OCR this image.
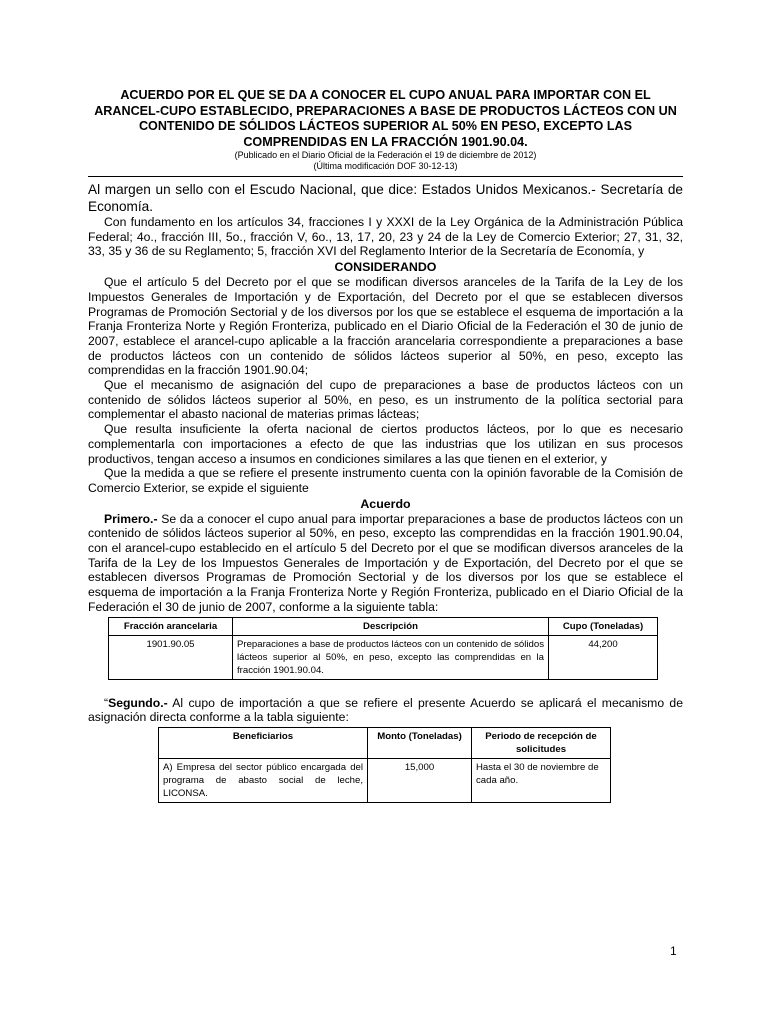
ACUERDO POR EL QUE SE DA A CONOCER EL CUPO ANUAL PARA IMPORTAR CON EL ARANCEL-CUPO ESTABLECIDO, PREPARACIONES A BASE DE PRODUCTOS LÁCTEOS CON UN CONTENIDO DE SÓLIDOS LÁCTEOS SUPERIOR AL 50% EN PESO, EXCEPTO LAS COMPRENDIDAS EN LA FRACCIÓN 1901.90.04.
(Publicado en el Diario Oficial de la Federación el 19 de diciembre de 2012)
(Última modificación DOF 30-12-13)

Al margen un sello con el Escudo Nacional, que dice: Estados Unidos Mexicanos.- Secretaría de Economía.

Con fundamento en los artículos 34, fracciones I y XXXI de la Ley Orgánica de la Administración Pública Federal; 4o., fracción III, 5o., fracción V, 6o., 13, 17, 20, 23 y 24 de la Ley de Comercio Exterior; 27, 31, 32, 33, 35 y 36 de su Reglamento; 5, fracción XVI del Reglamento Interior de la Secretaría de Economía, y

CONSIDERANDO

Que el artículo 5 del Decreto por el que se modifican diversos aranceles de la Tarifa de la Ley de los Impuestos Generales de Importación y de Exportación, del Decreto por el que se establecen diversos Programas de Promoción Sectorial y de los diversos por los que se establece el esquema de importación a la Franja Fronteriza Norte y Región Fronteriza, publicado en el Diario Oficial de la Federación el 30 de junio de 2007, establece el arancel-cupo aplicable a la fracción arancelaria correspondiente a preparaciones a base de productos lácteos con un contenido de sólidos lácteos superior al 50%, en peso, excepto las comprendidas en la fracción 1901.90.04;

Que el mecanismo de asignación del cupo de preparaciones a base de productos lácteos con un contenido de sólidos lácteos superior al 50%, en peso, es un instrumento de la política sectorial para complementar el abasto nacional de materias primas lácteas;

Que resulta insuficiente la oferta nacional de ciertos productos lácteos, por lo que es necesario complementarla con importaciones a efecto de que las industrias que los utilizan en sus procesos productivos, tengan acceso a insumos en condiciones similares a las que tienen en el exterior, y

Que la medida a que se refiere el presente instrumento cuenta con la opinión favorable de la Comisión de Comercio Exterior, se expide el siguiente

Acuerdo

Primero.- Se da a conocer el cupo anual para importar preparaciones a base de productos lácteos con un contenido de sólidos lácteos superior al 50%, en peso, excepto las comprendidas en la fracción 1901.90.04, con el arancel-cupo establecido en el artículo 5 del Decreto por el que se modifican diversos aranceles de la Tarifa de la Ley de los Impuestos Generales de Importación y de Exportación, del Decreto por el que se establecen diversos Programas de Promoción Sectorial y de los diversos por los que se establece el esquema de importación a la Franja Fronteriza Norte y Región Fronteriza, publicado en el Diario Oficial de la Federación el 30 de junio de 2007, conforme a la siguiente tabla:

Fracción arancelaria	Descripción	Cupo (Toneladas)
1901.90.05	Preparaciones a base de productos lácteos con un contenido de sólidos lácteos superior al 50%, en peso, excepto las comprendidas en la fracción 1901.90.04.	44,200

“Segundo.- Al cupo de importación a que se refiere el presente Acuerdo se aplicará el mecanismo de asignación directa conforme a la tabla siguiente:

Beneficiarios	Monto (Toneladas)	Periodo de recepción de solicitudes
A) Empresa del sector público encargada del programa de abasto social de leche, LICONSA.	15,000	Hasta el 30 de noviembre de cada año.
1
